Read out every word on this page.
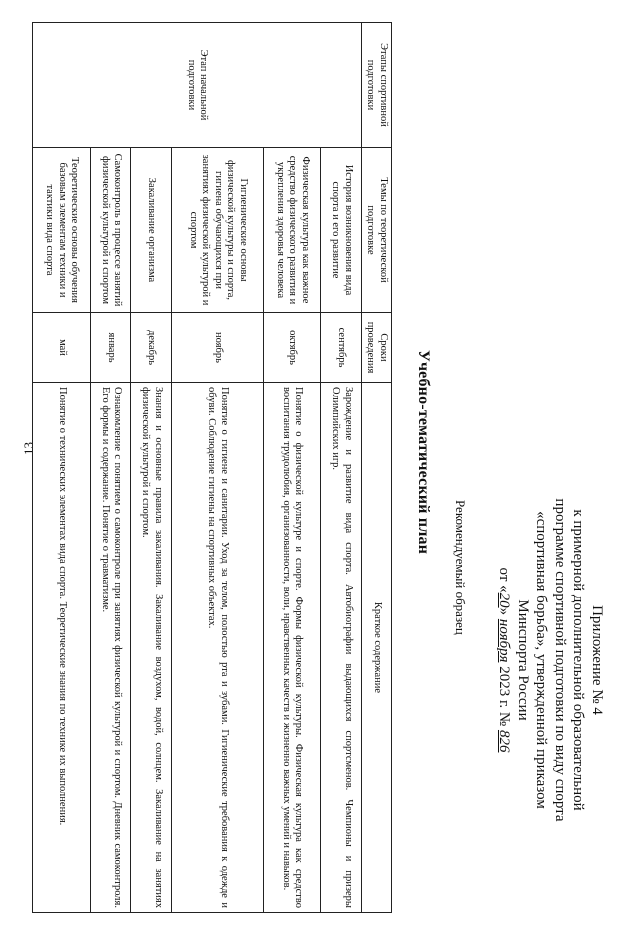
13
Приложение № 4
к примерной дополнительной образовательной
программе спортивной подготовки по виду спорта
«спортивная борьба», утвержденной приказом
Минспорта России
от «20» ноября 2023 г. № 826
Рекомендуемый образец
Учебно-тематический план
Этапы спортивной подготовки	Темы по теоретической подготовке	Сроки проведения	Краткое содержание
Этап начальной подготовки	История возникновения вида спорта и его развитие	сентябрь	Зарождение и развитие вида спорта. Автобиографии выдающихся спортсменов. Чемпионы и призеры Олимпийских игр.
	Физическая культура как важное средство физического развития и укрепления здоровья человека	октябрь	Понятие о физической культуре и спорте. Формы физической культуры. Физическая культура как средство воспитания трудолюбия, организованности, воли, нравственных качеств и жизненно важных умений и навыков.
	Гигиенические основы физической культуры и спорта, гигиена обучающихся при занятиях физической культурой и спортом	ноябрь	Понятие о гигиене и санитарии. Уход за телом, полостью рта и зубами. Гигиенические требования к одежде и обуви. Соблюдение гигиены на спортивных объектах.
	Закаливание организма	декабрь	Знания и основные правила закаливания. Закаливание воздухом, водой, солнцем. Закаливание на занятиях физической культурой и спортом.
	Самоконтроль в процессе занятий физической культурой и спортом	январь	Ознакомление с понятием о самоконтроле при занятиях физической культурой и спортом. Дневник самоконтроля. Его формы и содержание. Понятие о травматизме.
	Теоретические основы обучения базовым элементам техники и тактики вида спорта	май	Понятие о технических элементах вида спорта. Теоретические знания по технике их выполнения.
